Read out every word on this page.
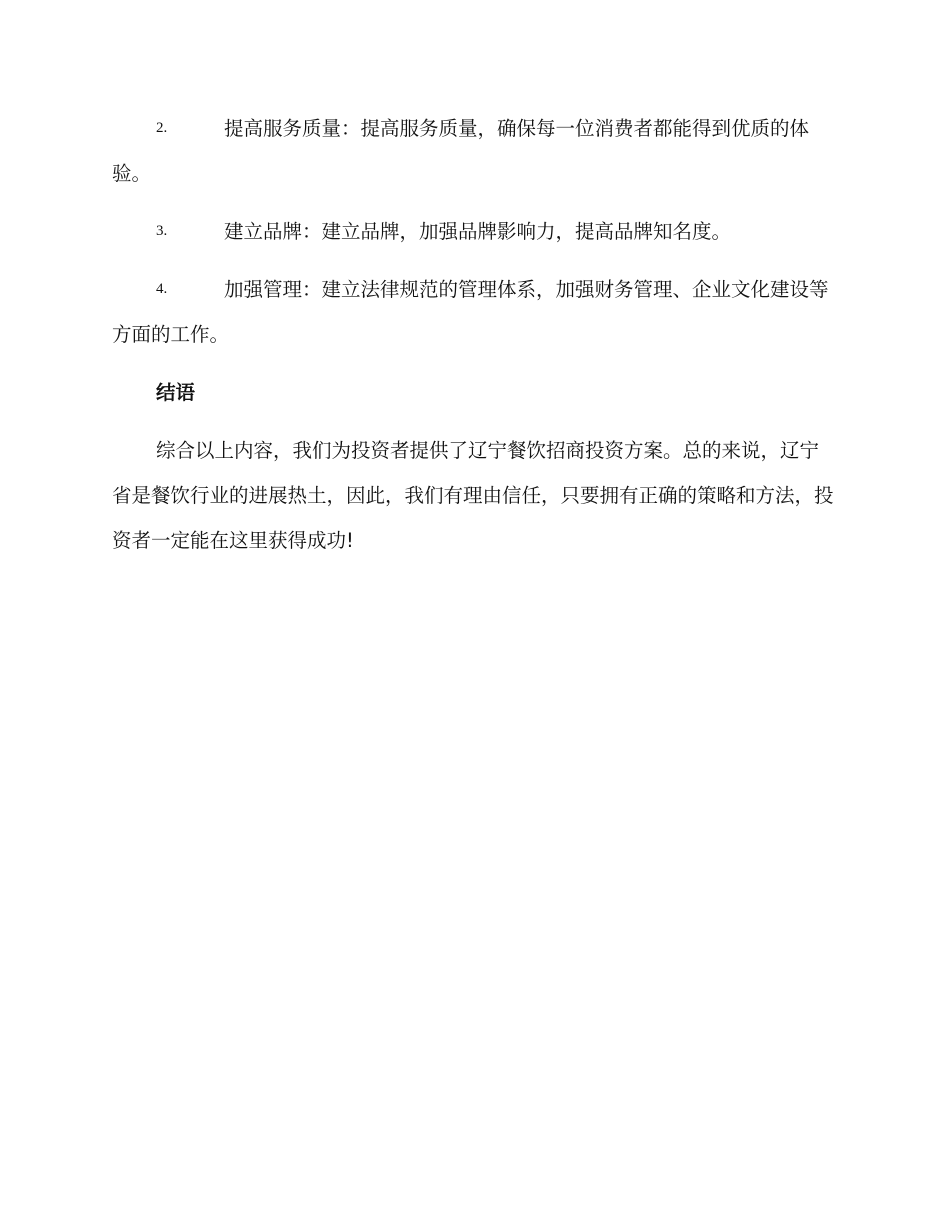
2.	提高服务质量：提高服务质量，确保每一位消费者都能得到优质的体验。
3.	建立品牌：建立品牌，加强品牌影响力，提高品牌知名度。
4.	加强管理：建立法律规范的管理体系，加强财务管理、企业文化建设等方面的工作。
结语

综合以上内容，我们为投资者提供了辽宁餐饮招商投资方案。总的来说，辽宁省是餐饮行业的进展热土，因此，我们有理由信任，只要拥有正确的策略和方法，投资者一定能在这里获得成功!
